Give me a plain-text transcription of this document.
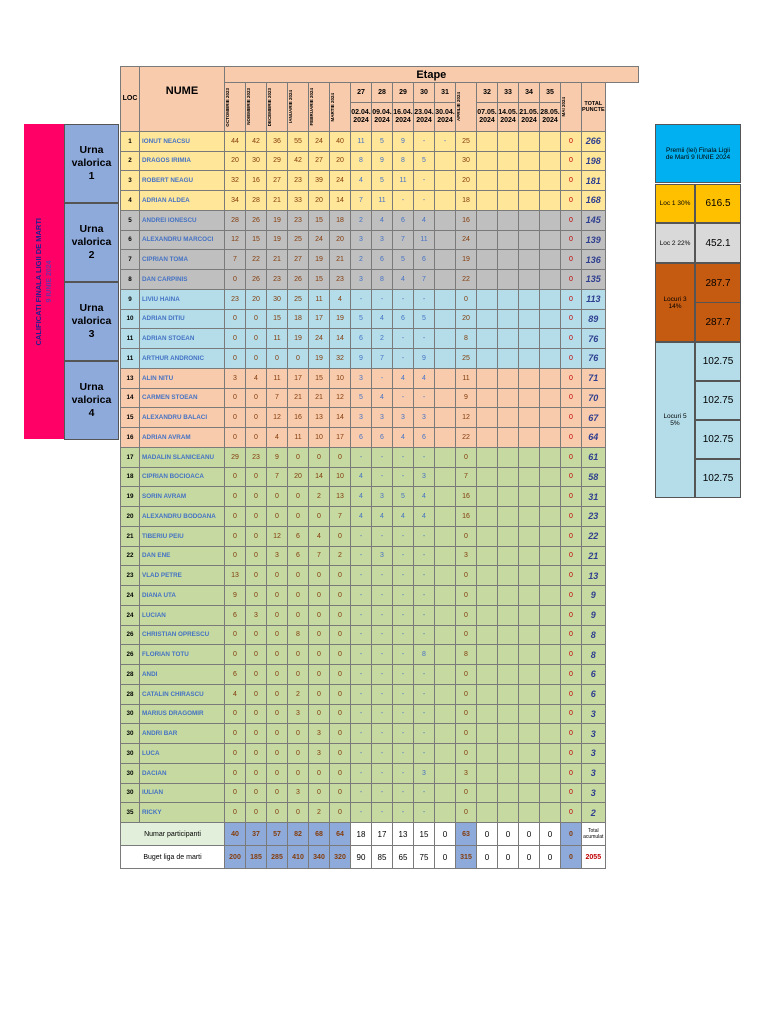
CALIFICATI FINALA LIGII DE MARTI 9 IUNIE 2024
Urna valorica 1
Urna valorica 2
Urna valorica 3
Urna valorica 4
LOC	NUME	Etape																	

		OCTOMBRIE 2023	NOIEMBRIE 2023	DECEMBRIE 2023	IANUARIE 2024	FEBRUARIE 2024	MARTIE 2024	27	28	29	30	31	APRILIE 2024	32	33	34	35	MAI 2024	TOTAL PUNCTE
								02.04. 2024	09.04. 2024	16.04. 2024	23.04. 2024	30.04. 2024		07.05. 2024	14.05. 2024	21.05. 2024	28.05. 2024		
1	IONUT NEACSU	44	42	36	55	24	40	11	5	9	-	-	25					0	266
2	DRAGOS IRIMIA	20	30	29	42	27	20	8	9	8	5		30					0	198
3	ROBERT NEAGU	32	16	27	23	39	24	4	5	11	-		20					0	181
4	ADRIAN ALDEA	34	28	21	33	20	14	7	11	-	-		18					0	168
5	ANDREI IONESCU	28	26	19	23	15	18	2	4	6	4		16					0	145
6	ALEXANDRU MARCOCI	12	15	19	25	24	20	3	3	7	11		24					0	139
7	CIPRIAN TOMA	7	22	21	27	19	21	2	6	5	6		19					0	136
8	DAN CARPINIS	0	26	23	26	15	23	3	8	4	7		22					0	135
9	LIVIU HAINA	23	20	30	25	11	4	-	-	-	-		0					0	113
10	ADRIAN DITIU	0	0	15	18	17	19	5	4	6	5		20					0	89
11	ADRIAN STOEAN	0	0	11	19	24	14	6	2	-	-		8					0	76
11	ARTHUR ANDRONIC	0	0	0	0	19	32	9	7	-	9		25					0	76
13	ALIN NITU	3	4	11	17	15	10	3	-	4	4		11					0	71
14	CARMEN STOEAN	0	0	7	21	21	12	5	4	-	-		9					0	70
15	ALEXANDRU BALACI	0	0	12	16	13	14	3	3	3	3		12					0	67
16	ADRIAN AVRAM	0	0	4	11	10	17	6	6	4	6		22					0	64
17	MADALIN SLANICEANU	29	23	9	0	0	0	-	-	-	-		0					0	61
18	CIPRIAN BOCIOACA	0	0	7	20	14	10	4	-	-	3		7					0	58
19	SORIN AVRAM	0	0	0	0	2	13	4	3	5	4		16					0	31
20	ALEXANDRU BODOANA	0	0	0	0	0	7	4	4	4	4		16					0	23
21	TIBERIU PEIU	0	0	12	6	4	0	-	-	-	-		0					0	22
22	DAN ENE	0	0	3	6	7	2	-	3	-	-		3					0	21
23	VLAD PETRE	13	0	0	0	0	0	-	-	-	-		0					0	13
24	DIANA UTA	9	0	0	0	0	0	-	-	-	-		0					0	9
24	LUCIAN	6	3	0	0	0	0	-	-	-	-		0					0	9
26	CHRISTIAN OPRESCU	0	0	0	8	0	0	-	-	-	-		0					0	8
26	FLORIAN TOTU	0	0	0	0	0	0	-	-	-	8		8					0	8
28	ANDI	6	0	0	0	0	0	-	-	-	-		0					0	6
28	CATALIN CHIRASCU	4	0	0	2	0	0	-	-	-	-		0					0	6
30	MARIUS DRAGOMIR	0	0	0	3	0	0	-	-	-	-		0					0	3
30	ANDRI BAR	0	0	0	0	3	0	-	-	-	-		0					0	3
30	LUCA	0	0	0	0	3	0	-	-	-	-		0					0	3
30	DACIAN	0	0	0	0	0	0	-	-	-	3		3					0	3
30	IULIAN	0	0	0	3	0	0	-	-	-	-		0					0	3
35	RICKY	0	0	0	0	2	0	-	-	-	-		0					0	2
Numar participanti		40	37	57	82	68	64	18	17	13	15	0	63	0	0	0	0	0	Total acumulat
Buget liga de marti		200	185	285	410	340	320	90	85	65	75	0	315	0	0	0	0	0	2055
Premii (lei) Finala Ligii de Marti 9 IUNIE 2024
Loc 1 30%	616.5
Loc 2 22%	452.1
Locuri 3 14%
287.7
287.7
Locuri 5 5%
102.75
102.75
102.75
102.75
